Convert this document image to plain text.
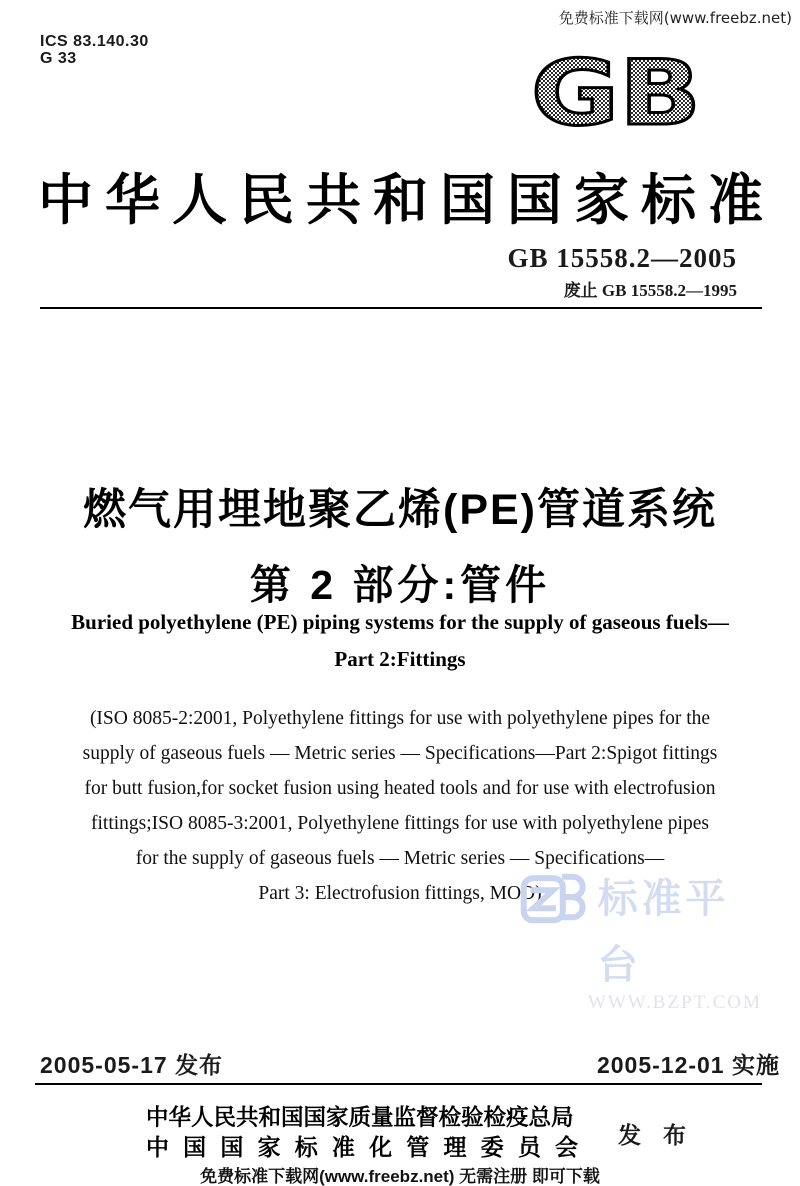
免费标准下载网(www.freebz.net)
ICS 83.140.30
G 33	GB
中华人民共和国国家标准
GB 15558.2—2005
废止 GB 15558.2—1995
燃气用埋地聚乙烯(PE)管道系统
第 2 部分:管件
Buried polyethylene (PE) piping systems for the supply of gaseous fuels—
Part 2:Fittings
(ISO 8085-2:2001, Polyethylene fittings for use with polyethylene pipes for the
supply of gaseous fuels — Metric series — Specifications—Part 2:Spigot fittings
for butt fusion,for socket fusion using heated tools and for use with electrofusion
fittings;ISO 8085-3:2001, Polyethylene fittings for use with polyethylene pipes
for the supply of gaseous fuels — Metric series — Specifications—
Part 3: Electrofusion fittings, MOD)	标准平台
WWW.BZPT.COM
2005-05-17 发布	2005-12-01 实施
中华人民共和国国家质量监督检验检疫总局
中国国家标准化管理委员会 发布
免费标准下载网(www.freebz.net) 无需注册 即可下载
